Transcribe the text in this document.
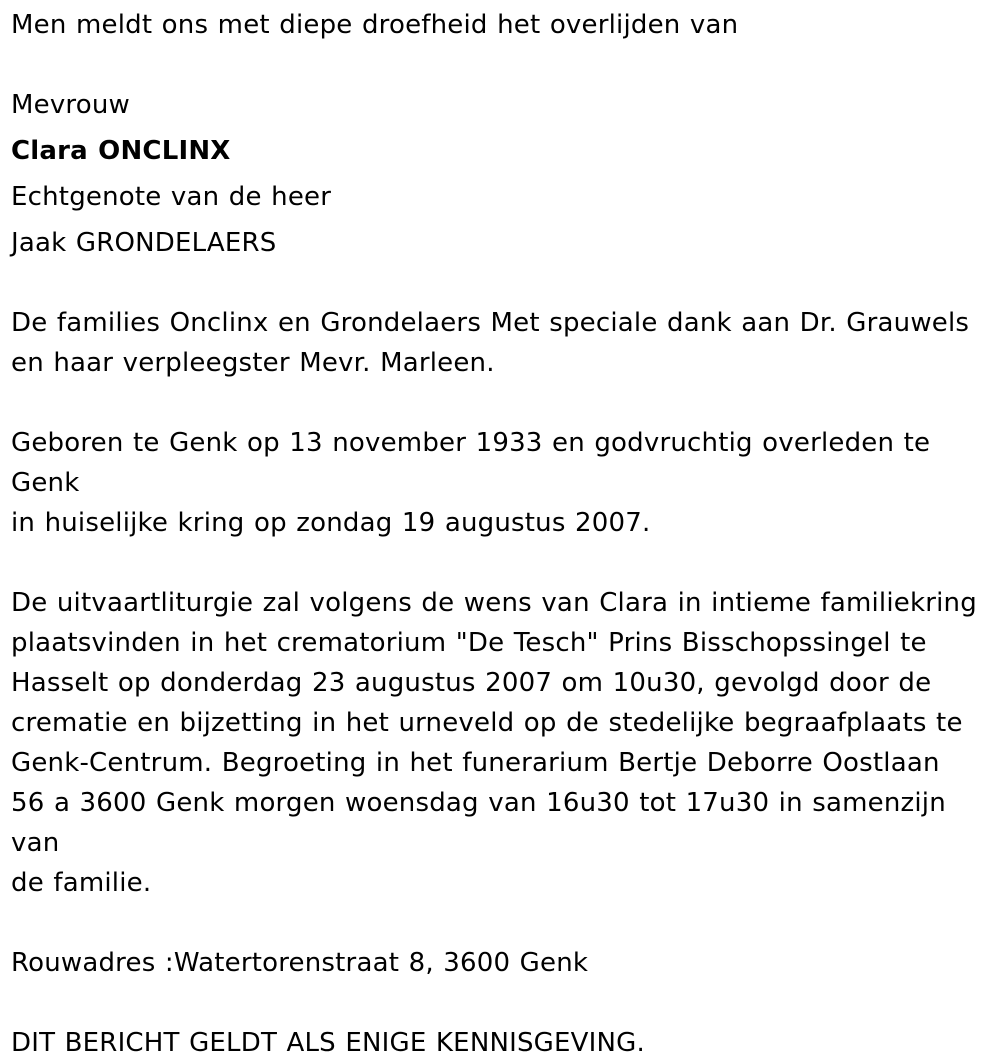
Men meldt ons met diepe droefheid het overlijden van

Mevrouw

Clara ONCLINX

Echtgenote van de heer

Jaak GRONDELAERS

De families Onclinx en Grondelaers Met speciale dank aan Dr. Grauwels

en haar verpleegster Mevr. Marleen.

Geboren te Genk op 13 november 1933 en godvruchtig overleden te Genk

in huiselijke kring op zondag 19 augustus 2007.

De uitvaartliturgie zal volgens de wens van Clara in intieme familiekring

plaatsvinden in het crematorium "De Tesch" Prins Bisschopssingel te

Hasselt op donderdag 23 augustus 2007 om 10u30, gevolgd door de

crematie en bijzetting in het urneveld op de stedelijke begraafplaats te

Genk-Centrum. Begroeting in het funerarium Bertje Deborre Oostlaan

56 a 3600 Genk morgen woensdag van 16u30 tot 17u30 in samenzijn van

de familie.

Rouwadres :Watertorenstraat 8, 3600 Genk

DIT BERICHT GELDT ALS ENIGE KENNISGEVING.
